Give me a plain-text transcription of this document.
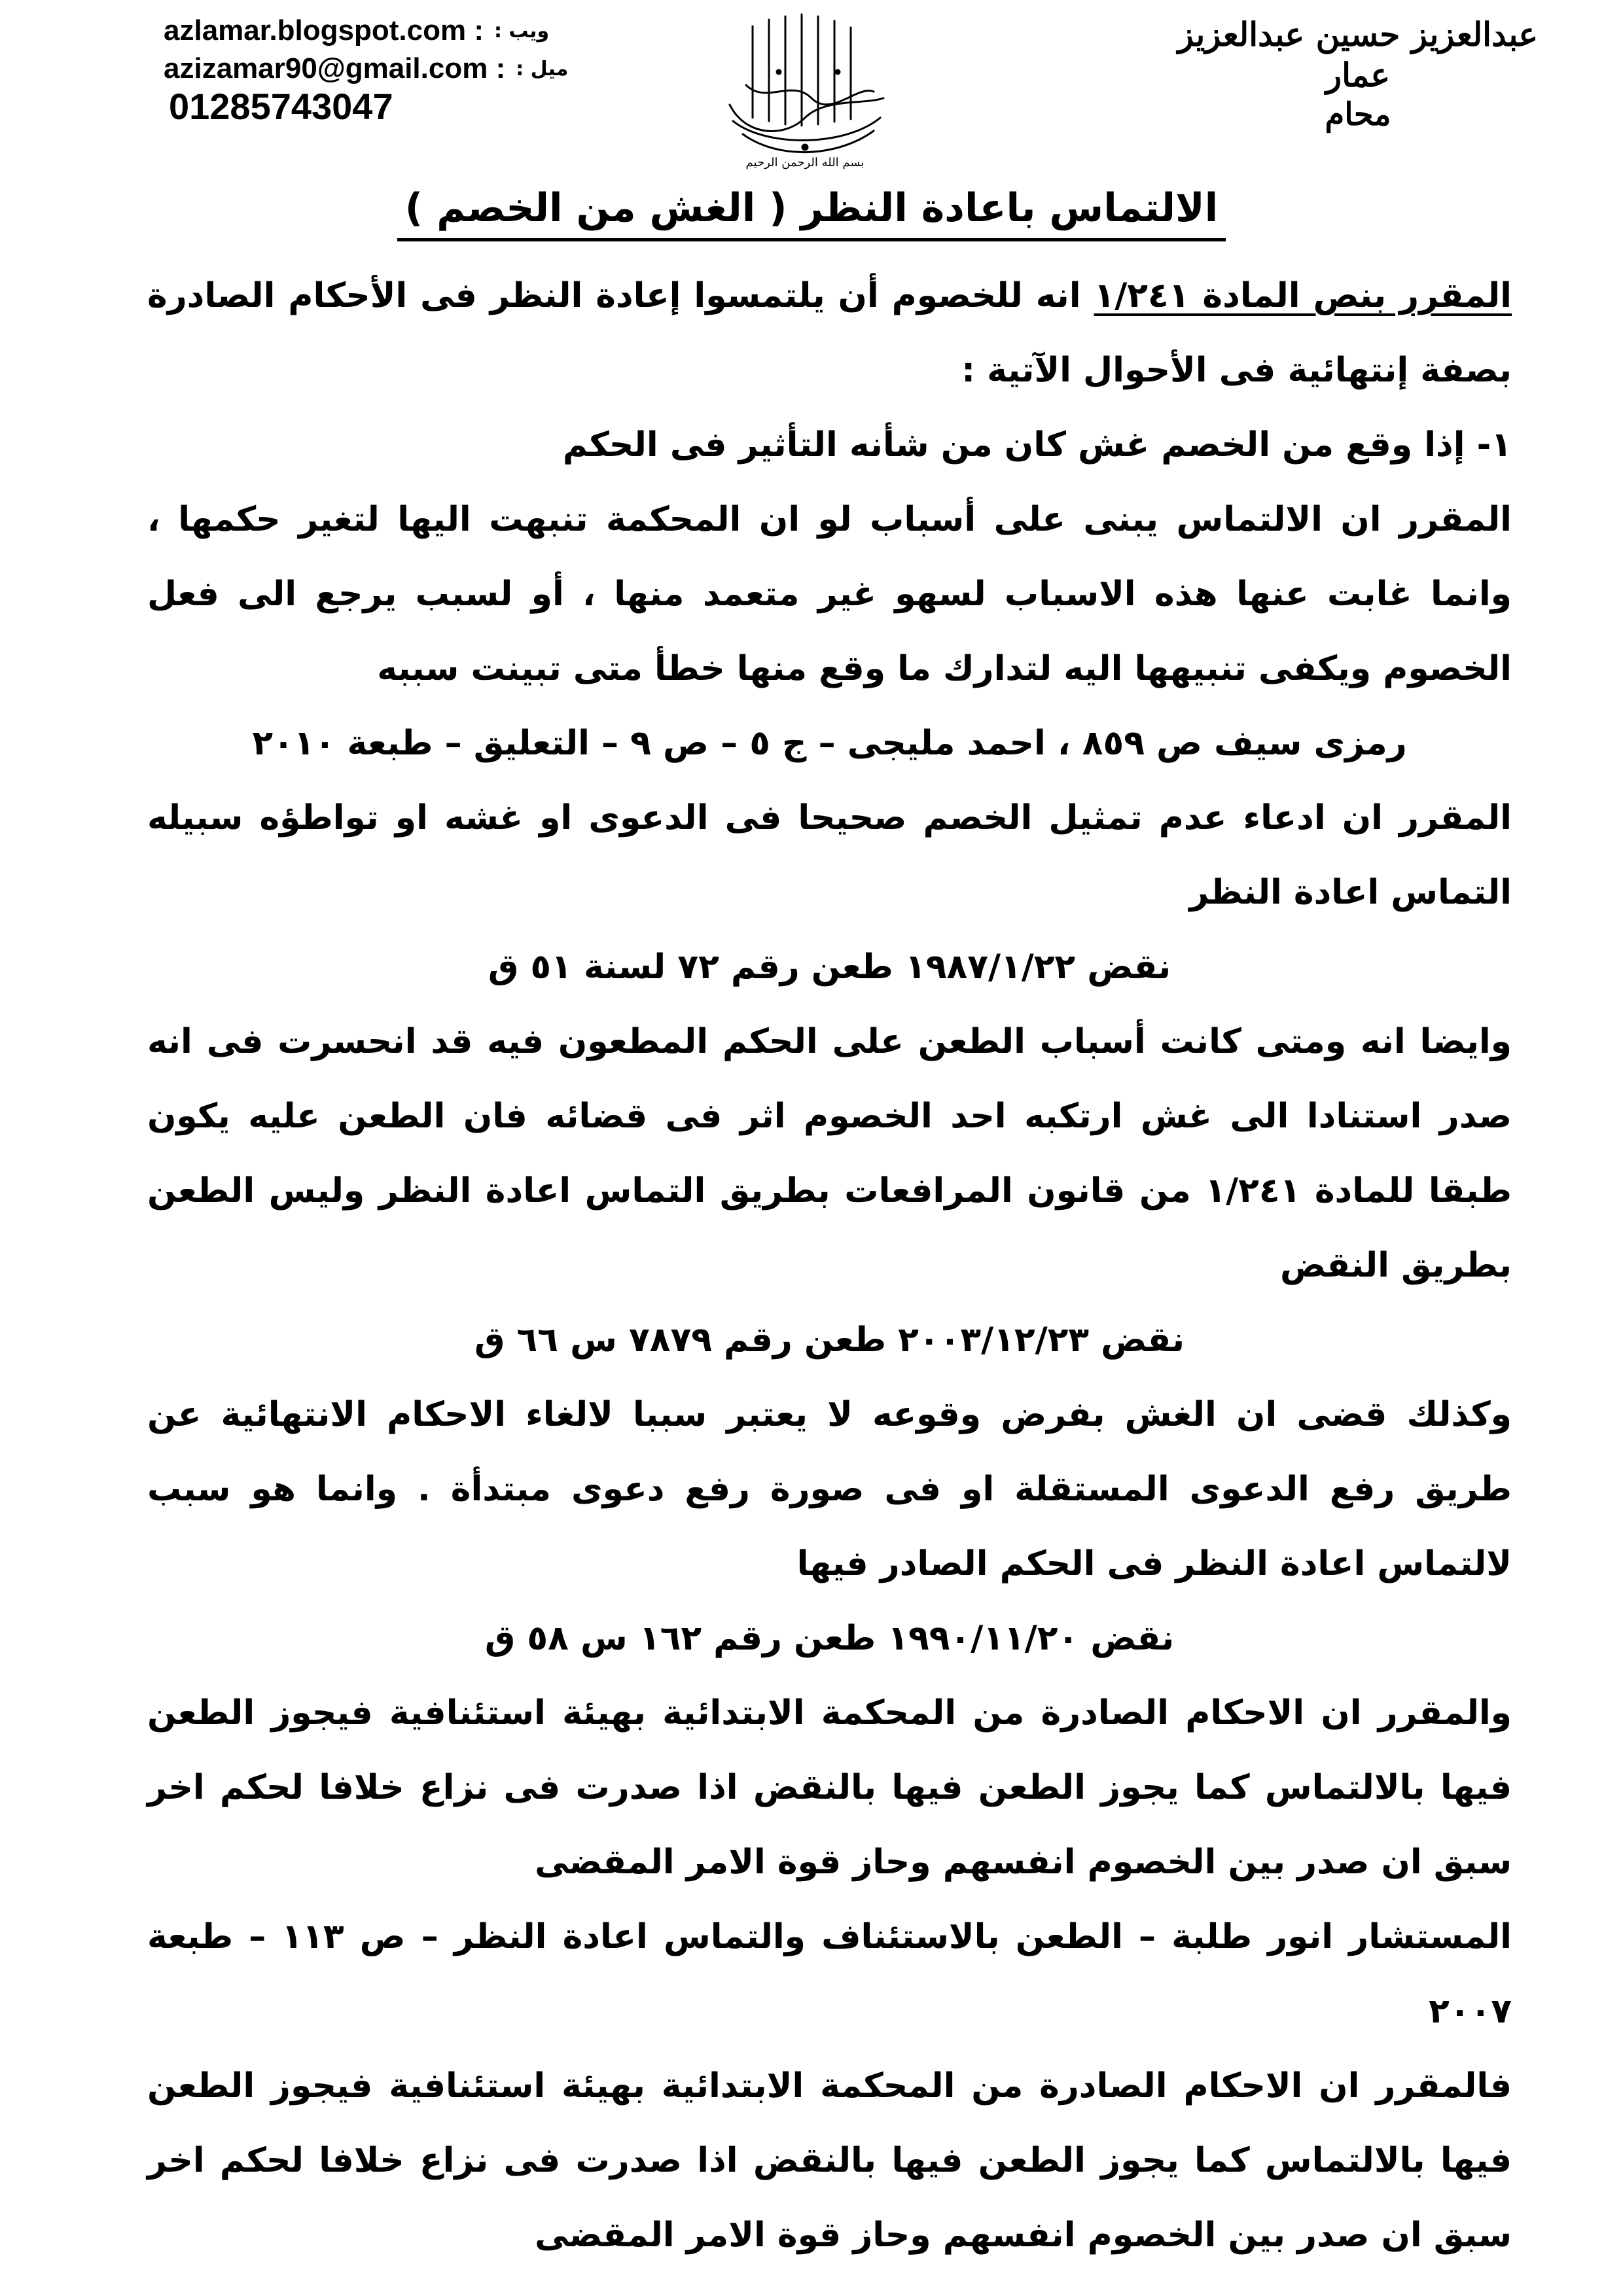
عبدالعزيز حسين عبدالعزيز عمار
محام
بسم الله الرحمن الرحيم
azlamar.blogspot.com : ويب :
azizamar90@gmail.com : ميل :
01285743047
الالتماس باعادة النظر ( الغش من الخصم )

المقرر بنص المادة ١/٢٤١ انه للخصوم أن يلتمسوا إعادة النظر فى الأحكام الصادرة بصفة إنتهائية فى الأحوال الآتية :

١- إذا وقع من الخصم غش كان من شأنه التأثير فى الحكم

المقرر ان الالتماس يبنى على أسباب لو ان المحكمة تنبهت اليها لتغير حكمها ، وانما غابت عنها هذه الاسباب لسهو غير متعمد منها ، أو لسبب يرجع الى فعل الخصوم ويكفى تنبيهها اليه لتدارك ما وقع منها خطأ متى تبينت سببه

رمزى سيف ص ٨٥٩ ، احمد مليجى – ج ٥ – ص ٩ – التعليق – طبعة ٢٠١٠

المقرر ان ادعاء عدم تمثيل الخصم صحيحا فى الدعوى او غشه او تواطؤه سبيله التماس اعادة النظر

نقض ١٩٨٧/١/٢٢ طعن رقم ٧٢ لسنة ٥١ ق

وايضا انه ومتى كانت أسباب الطعن على الحكم المطعون فيه قد انحسرت فى انه صدر استنادا الى غش ارتكبه احد الخصوم اثر فى قضائه فان الطعن عليه يكون طبقا للمادة ١/٢٤١ من قانون المرافعات بطريق التماس اعادة النظر وليس الطعن بطريق النقض

نقض ٢٠٠٣/١٢/٢٣ طعن رقم ٧٨٧٩ س ٦٦ ق

وكذلك قضى ان الغش بفرض وقوعه لا يعتبر سببا لالغاء الاحكام الانتهائية عن طريق رفع الدعوى المستقلة او فى صورة رفع دعوى مبتدأة . وانما هو سبب لالتماس اعادة النظر فى الحكم الصادر فيها

نقض ١٩٩٠/١١/٢٠ طعن رقم ١٦٢ س ٥٨ ق

والمقرر ان الاحكام الصادرة من المحكمة الابتدائية بهيئة استئنافية فيجوز الطعن فيها بالالتماس كما يجوز الطعن فيها بالنقض اذا صدرت فى نزاع خلافا لحكم اخر سبق ان صدر بين الخصوم انفسهم وحاز قوة الامر المقضى

المستشار انور طلبة – الطعن بالاستئناف والتماس اعادة النظر – ص ١١٣ – طبعة ٢٠٠٧

فالمقرر ان الاحكام الصادرة من المحكمة الابتدائية بهيئة استئنافية فيجوز الطعن فيها بالالتماس كما يجوز الطعن فيها بالنقض اذا صدرت فى نزاع خلافا لحكم اخر سبق ان صدر بين الخصوم انفسهم وحاز قوة الامر المقضى
